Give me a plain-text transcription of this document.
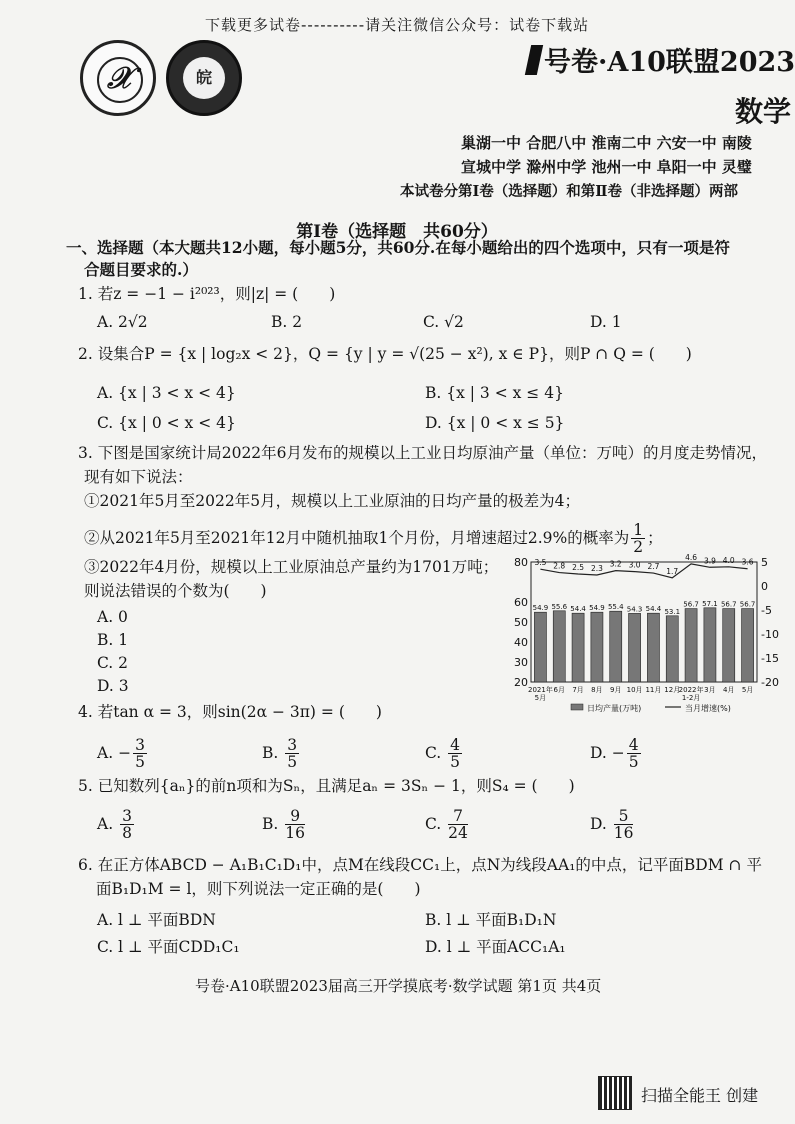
下载更多试卷----------请关注微信公众号：试卷下载站
𝒳	皖	号卷·A10联盟2023
数学
巢湖一中 合肥八中 淮南二中 六安一中 南陵
宣城中学 滁州中学 池州一中 阜阳一中 灵璧
本试卷分第Ⅰ卷（选择题）和第Ⅱ卷（非选择题）两部
第Ⅰ卷（选择题　共60分）
一、选择题（本大题共12小题，每小题5分，共60分.在每小题给出的四个选项中，只有一项是符
合题目要求的.）
1. 若z = −1 − i²⁰²³，则|z| = (　　)
A. 2√2	B. 2	C. √2	D. 1
2. 设集合P = {x | log₂x < 2}，Q = {y | y = √(25 − x²), x ∈ P}，则P ∩ Q = (　　)
A. {x | 3 < x < 4}	B. {x | 3 < x ≤ 4}
C. {x | 0 < x < 4}	D. {x | 0 < x ≤ 5}
3. 下图是国家统计局2022年6月发布的规模以上工业日均原油产量（单位：万吨）的月度走势情况，
现有如下说法：
①2021年5月至2022年5月，规模以上工业原油的日均产量的极差为4；
②从2021年5月至2021年12月中随机抽取1个月份，月增速超过2.9%的概率为 $\frac{1}{2}$ ；
③2022年4月份，规模以上工业原油总产量约为1701万吨；
则说法错误的个数为(　　)
A. 0
B. 1
C. 2
D. 3
80
60
50
40
30
20
5
0
-5
-10
-15
-20
54.9 55.6 54.4 54.9 55.4 54.3 54.4 53.1
56.7 57.1 56.7 56.7
3.5 2.8 2.5 2.3 3.2 3.0 2.7
1.7
4.6 3.9 4.0 3.6
2021年
5月
6月 7月 8月 9月 10月 11月 12月
2022年
1-2月
3月 4月 5月
日均产量(万吨)	当月增速(%)
4. 若tan α = 3，则sin(2α − 3π) = (　　)
A. − $\frac{3}{5}$	B. $\frac{3}{5}$	C. $\frac{4}{5}$	D. − $\frac{4}{5}$
5. 已知数列{aₙ}的前n项和为Sₙ，且满足aₙ = 3Sₙ − 1，则S₄ = (　　)
A. $\frac{3}{8}$	B. $\frac{9}{16}$	C. $\frac{7}{24}$	D. $\frac{5}{16}$
6. 在正方体ABCD − A₁B₁C₁D₁中，点M在线段CC₁上，点N为线段AA₁的中点，记平面BDM ∩ 平
面B₁D₁M = l，则下列说法一定正确的是(　　)
A. l ⊥ 平面BDN	B. l ⊥ 平面B₁D₁N
C. l ⊥ 平面CDD₁C₁	D. l ⊥ 平面ACC₁A₁
号卷·A10联盟2023届高三开学摸底考·数学试题 第1页 共4页
扫描全能王 创建
